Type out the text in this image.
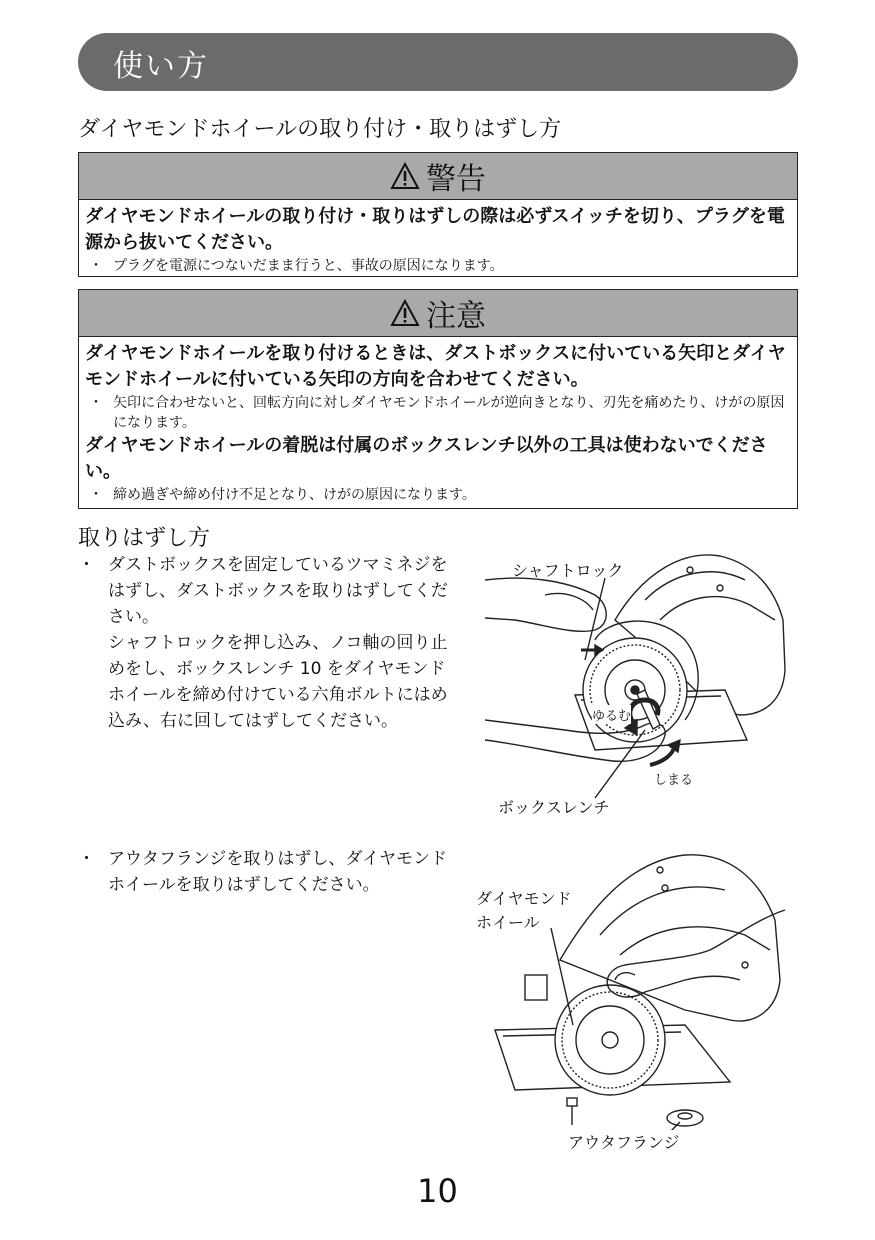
使い方
ダイヤモンドホイールの取り付け・取りはずし方
警告
ダイヤモンドホイールの取り付け・取りはずしの際は必ずスイッチを切り、プラグを電源から抜いてください。
・ プラグを電源につないだまま行うと、事故の原因になります。
注意
ダイヤモンドホイールを取り付けるときは、ダストボックスに付いている矢印とダイヤモンドホイールに付いている矢印の方向を合わせてください。
・ 矢印に合わせないと、回転方向に対しダイヤモンドホイールが逆向きとなり、刃先を痛めたり、けがの原因になります。
ダイヤモンドホイールの着脱は付属のボックスレンチ以外の工具は使わないでください。
・ 締め過ぎや締め付け不足となり、けがの原因になります。
取りはずし方
・ ダストボックスを固定しているツマミネジをはずし、ダストボックスを取りはずしてください。
シャフトロックを押し込み、ノコ軸の回り止めをし、ボックスレンチ 10 をダイヤモンドホイールを締め付けている六角ボルトにはめ込み、右に回してはずしてください。
・ アウタフランジを取りはずし、ダイヤモンドホイールを取りはずしてください。
シャフトロック
ゆるむ
しまる
ボックスレンチ
ダイヤモンド
ホイール
アウタフランジ
10
